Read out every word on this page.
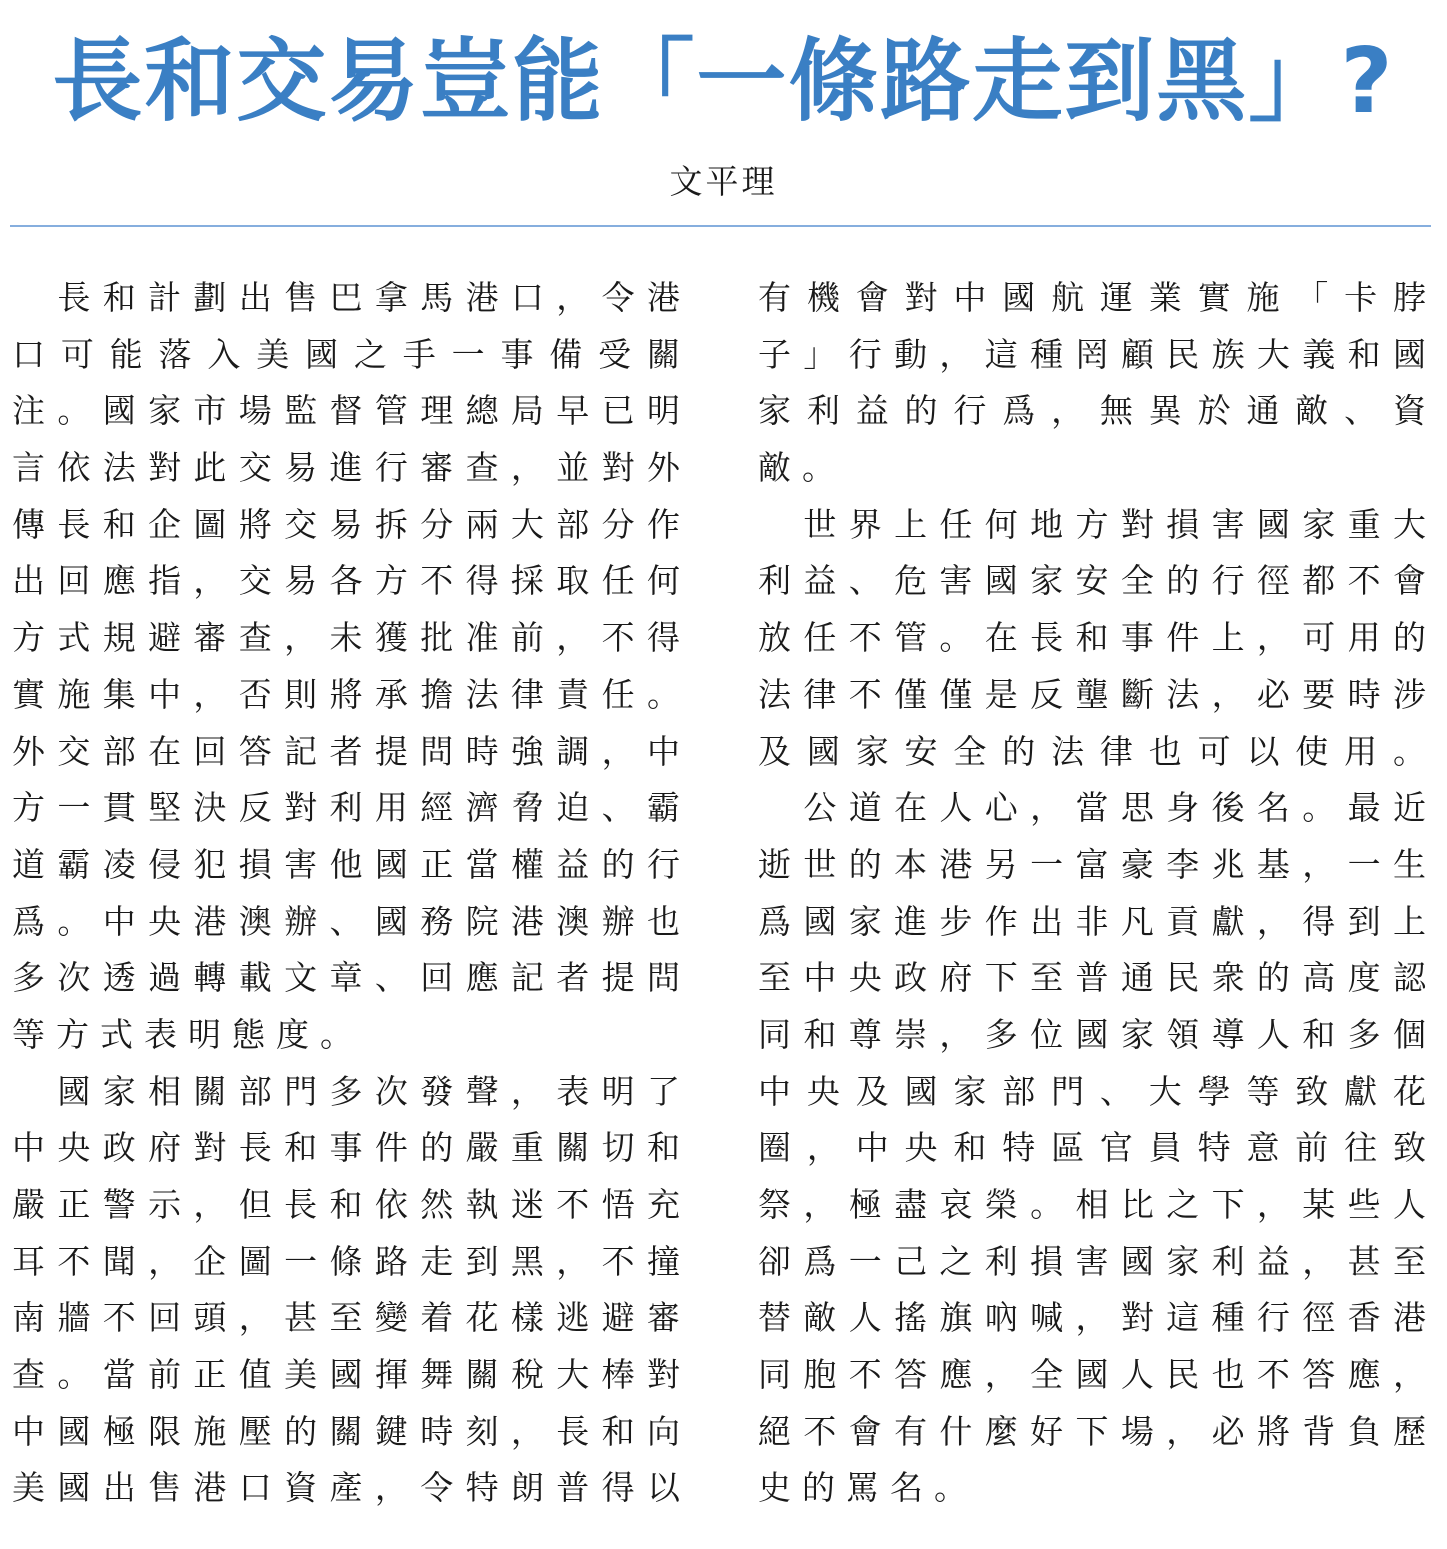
長和交易豈能「一條路走到黑」?
文平理
　長和計劃出售巴拿馬港口，令港
口可能落入美國之手一事備受關
注。國家市場監督管理總局早已明
言依法對此交易進行審查，並對外
傳長和企圖將交易拆分兩大部分作
出回應指，交易各方不得採取任何
方式規避審查，未獲批准前，不得
實施集中，否則將承擔法律責任。
外交部在回答記者提問時強調，中
方一貫堅決反對利用經濟脅迫、霸
道霸凌侵犯損害他國正當權益的行
爲。中央港澳辦、國務院港澳辦也
多次透過轉載文章、回應記者提問
等方式表明態度。
　國家相關部門多次發聲，表明了
中央政府對長和事件的嚴重關切和
嚴正警示，但長和依然執迷不悟充
耳不聞，企圖一條路走到黑，不撞
南牆不回頭，甚至變着花樣逃避審
查。當前正值美國揮舞關稅大棒對
中國極限施壓的關鍵時刻，長和向
美國出售港口資產，令特朗普得以
有機會對中國航運業實施「卡脖
子」行動，這種罔顧民族大義和國
家利益的行爲，無異於通敵、資
敵。
　世界上任何地方對損害國家重大
利益、危害國家安全的行徑都不會
放任不管。在長和事件上，可用的
法律不僅僅是反壟斷法，必要時涉
及國家安全的法律也可以使用。
　公道在人心，當思身後名。最近
逝世的本港另一富豪李兆基，一生
爲國家進步作出非凡貢獻，得到上
至中央政府下至普通民衆的高度認
同和尊崇，多位國家領導人和多個
中央及國家部門、大學等致獻花
圈，中央和特區官員特意前往致
祭，極盡哀榮。相比之下，某些人
卻爲一己之利損害國家利益，甚至
替敵人搖旗吶喊，對這種行徑香港
同胞不答應，全國人民也不答應，
絕不會有什麼好下場，必將背負歷
史的罵名。
